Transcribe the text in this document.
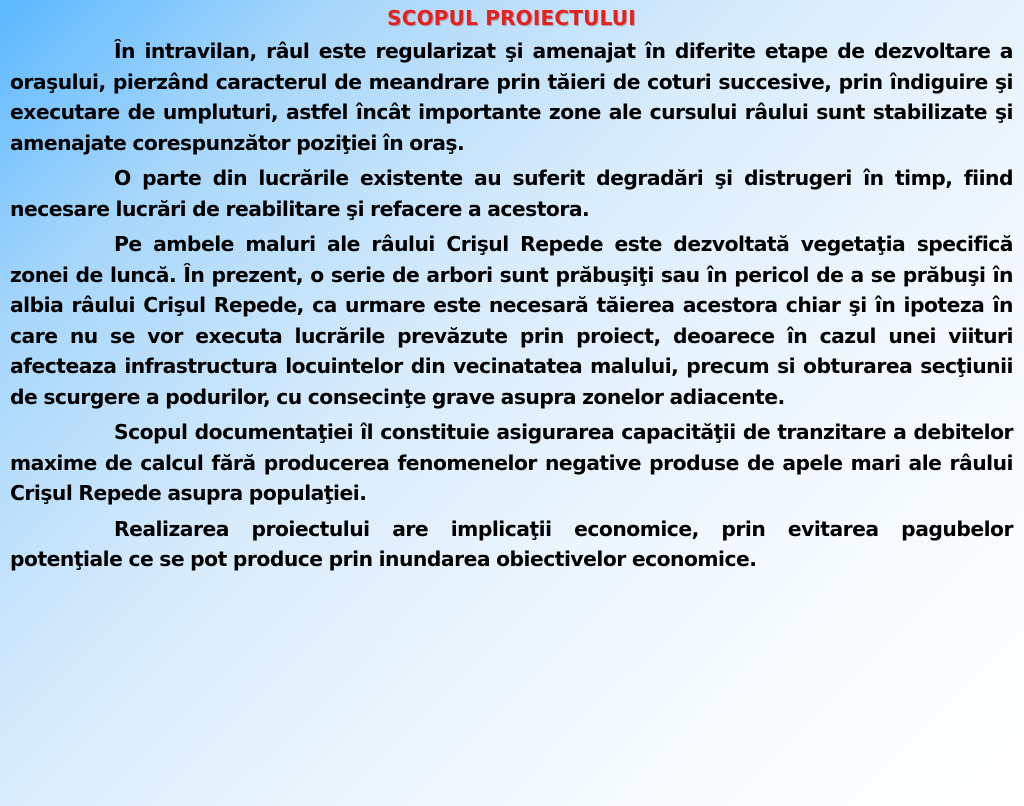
SCOPUL PROIECTULUI

În intravilan, râul este regularizat şi amenajat în diferite etape de dezvoltare a oraşului, pierzând caracterul de meandrare prin tăieri de coturi succesive, prin îndiguire şi executare de umpluturi, astfel încât importante zone ale cursului râului sunt stabilizate şi amenajate corespunzător poziţiei în oraş.

O parte din lucrările existente au suferit degradări şi distrugeri în timp, fiind necesare lucrări de reabilitare şi refacere a acestora.

Pe ambele maluri ale râului Crişul Repede este dezvoltată vegetaţia specifică zonei de luncă. În prezent, o serie de arbori sunt prăbuşiţi sau în pericol de a se prăbuşi în albia râului Crişul Repede, ca urmare este necesară tăierea acestora chiar şi în ipoteza în care nu se vor executa lucrările prevăzute prin proiect, deoarece în cazul unei viituri afecteaza infrastructura locuintelor din vecinatatea malului, precum si obturarea secţiunii de scurgere a podurilor, cu consecinţe grave asupra zonelor adiacente.

Scopul documentaţiei îl constituie asigurarea capacităţii de tranzitare a debitelor maxime de calcul fără producerea fenomenelor negative produse de apele mari ale râului Crişul Repede asupra populaţiei.

Realizarea proiectului are implicaţii economice, prin evitarea pagubelor potenţiale ce se pot produce prin inundarea obiectivelor economice.
